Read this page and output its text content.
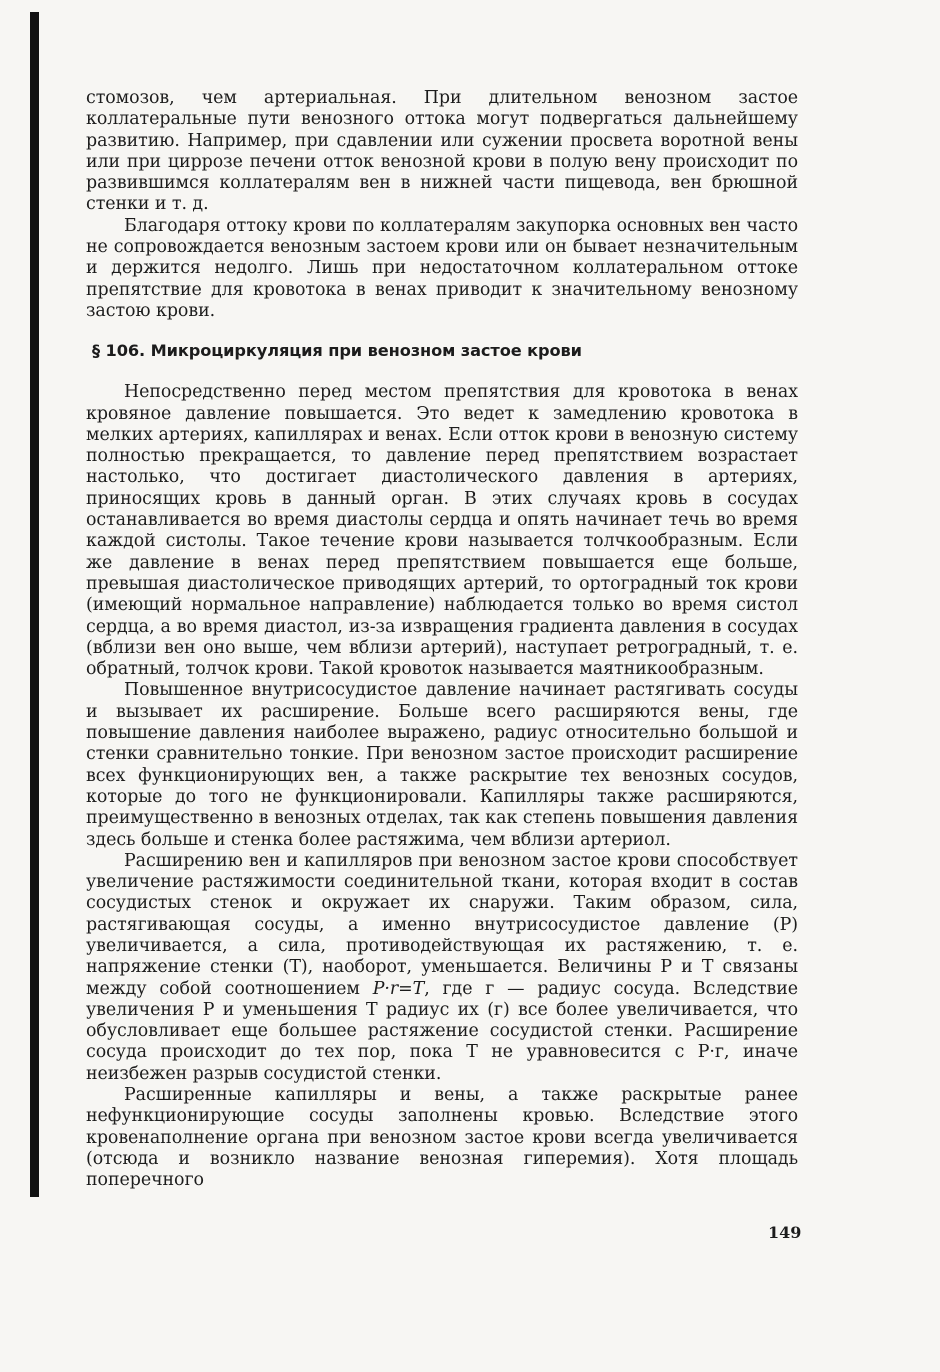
стомозов, чем артериальная. При длительном венозном застое коллатеральные пути венозного оттока могут подвергаться дальнейшему развитию. Например, при сдавлении или сужении просвета воротной вены или при циррозе печени отток венозной крови в полую вену происходит по развившимся коллатералям вен в нижней части пищевода, вен брюшной стенки и т. д.

Благодаря оттоку крови по коллатералям закупорка основных вен часто не сопровождается венозным застоем крови или он бывает незначительным и держится недолго. Лишь при недостаточном коллатеральном оттоке препятствие для кровотока в венах приводит к значительному венозному застою крови.

§ 106. Микроциркуляция при венозном застое крови

Непосредственно перед местом препятствия для кровотока в венах кровяное давление повышается. Это ведет к замедлению кровотока в мелких артериях, капиллярах и венах. Если отток крови в венозную систему полностью прекращается, то давление перед препятствием возрастает настолько, что достигает диастолического давления в артериях, приносящих кровь в данный орган. В этих случаях кровь в сосудах останавливается во время диастолы сердца и опять начинает течь во время каждой систолы. Такое течение крови называется толчкообразным. Если же давление в венах перед препятствием повышается еще больше, превышая диастолическое приводящих артерий, то ортоградный ток крови (имеющий нормальное направление) наблюдается только во время систол сердца, а во время диастол, из-за извращения градиента давления в сосудах (вблизи вен оно выше, чем вблизи артерий), наступает ретроградный, т. е. обратный, толчок крови. Такой кровоток называется маятникообразным.

Повышенное внутрисосудистое давление начинает растягивать сосуды и вызывает их расширение. Больше всего расширяются вены, где повышение давления наиболее выражено, радиус относительно большой и стенки сравнительно тонкие. При венозном застое происходит расширение всех функционирующих вен, а также раскрытие тех венозных сосудов, которые до того не функционировали. Капилляры также расширяются, преимущественно в венозных отделах, так как степень повышения давления здесь больше и стенка более растяжима, чем вблизи артериол.

Расширению вен и капилляров при венозном застое крови способствует увеличение растяжимости соединительной ткани, которая входит в состав сосудистых стенок и окружает их снаружи. Таким образом, сила, растягивающая сосуды, а именно внутрисосудистое давление (Р) увеличивается, а сила, противодействующая их растяжению, т. е. напряжение стенки (Т), наоборот, уменьшается. Величины Р и Т связаны между собой соотношением P·r=T, где г — радиус сосуда. Вследствие увеличения Р и уменьшения Т радиус их (г) все более увеличивается, что обусловливает еще большее растяжение сосудистой стенки. Расширение сосуда происходит до тех пор, пока Т не уравновесится с Р·г, иначе неизбежен разрыв сосудистой стенки.

Расширенные капилляры и вены, а также раскрытые ранее нефункционирующие сосуды заполнены кровью. Вследствие этого кровенаполнение органа при венозном застое крови всегда увеличивается (отсюда и возникло название венозная гиперемия). Хотя площадь поперечного

149
